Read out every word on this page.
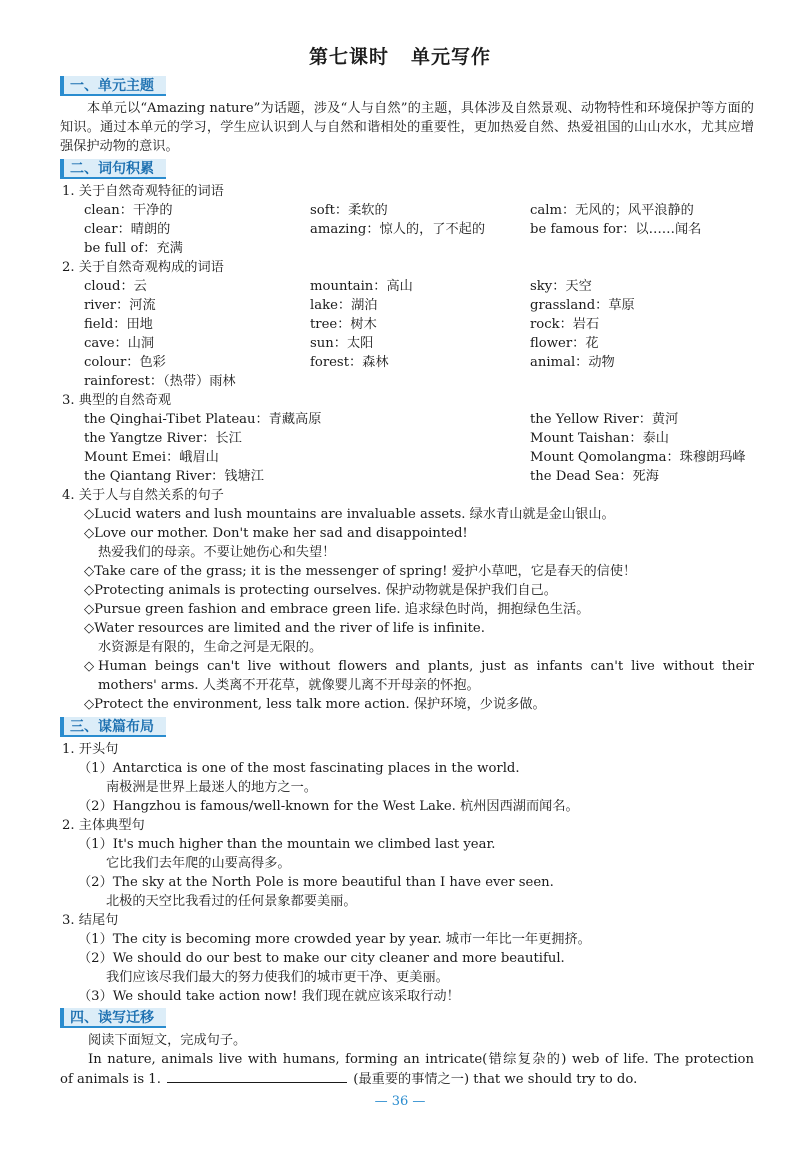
第七课时 单元写作
一、单元主题
本单元以“Amazing nature”为话题，涉及“人与自然”的主题，具体涉及自然景观、动物特性和环境保护等方面的知识。通过本单元的学习，学生应认识到人与自然和谐相处的重要性，更加热爱自然、热爱祖国的山山水水，尤其应增强保护动物的意识。
二、词句积累
1. 关于自然奇观特征的词语
clean：干净的	soft：柔软的	calm：无风的；风平浪静的
clear：晴朗的	amazing：惊人的，了不起的	be famous for：以……闻名
be full of：充满
2. 关于自然奇观构成的词语
cloud：云	mountain：高山	sky：天空
river：河流	lake：湖泊	grassland：草原
field：田地	tree：树木	rock：岩石
cave：山洞	sun：太阳	flower：花
colour：色彩	forest：森林	animal：动物
rainforest：（热带）雨林
3. 典型的自然奇观
the Qinghai-Tibet Plateau：青藏高原	the Yellow River：黄河
the Yangtze River：长江	Mount Taishan：泰山
Mount Emei：峨眉山	Mount Qomolangma：珠穆朗玛峰
the Qiantang River：钱塘江	the Dead Sea：死海
4. 关于人与自然关系的句子
◇Lucid waters and lush mountains are invaluable assets. 绿水青山就是金山银山。
◇Love our mother. Don't make her sad and disappointed!
热爱我们的母亲。不要让她伤心和失望！
◇Take care of the grass; it is the messenger of spring! 爱护小草吧，它是春天的信使！
◇Protecting animals is protecting ourselves. 保护动物就是保护我们自己。
◇Pursue green fashion and embrace green life. 追求绿色时尚，拥抱绿色生活。
◇Water resources are limited and the river of life is infinite.
水资源是有限的，生命之河是无限的。
◇Human beings can't live without flowers and plants, just as infants can't live without their
mothers' arms. 人类离不开花草，就像婴儿离不开母亲的怀抱。
◇Protect the environment, less talk more action. 保护环境，少说多做。
三、谋篇布局
1. 开头句
（1）Antarctica is one of the most fascinating places in the world.
南极洲是世界上最迷人的地方之一。
（2）Hangzhou is famous/well-known for the West Lake. 杭州因西湖而闻名。
2. 主体典型句
（1）It's much higher than the mountain we climbed last year.
它比我们去年爬的山要高得多。
（2）The sky at the North Pole is more beautiful than I have ever seen.
北极的天空比我看过的任何景象都要美丽。
3. 结尾句
（1）The city is becoming more crowded year by year. 城市一年比一年更拥挤。
（2）We should do our best to make our city cleaner and more beautiful.
我们应该尽我们最大的努力使我们的城市更干净、更美丽。
（3）We should take action now! 我们现在就应该采取行动！
四、读写迁移
阅读下面短文，完成句子。
In nature, animals live with humans, forming an intricate(错综复杂的) web of life. The protection
of animals is 1.	(最重要的事情之一) that we should try to do.
— 36 —
